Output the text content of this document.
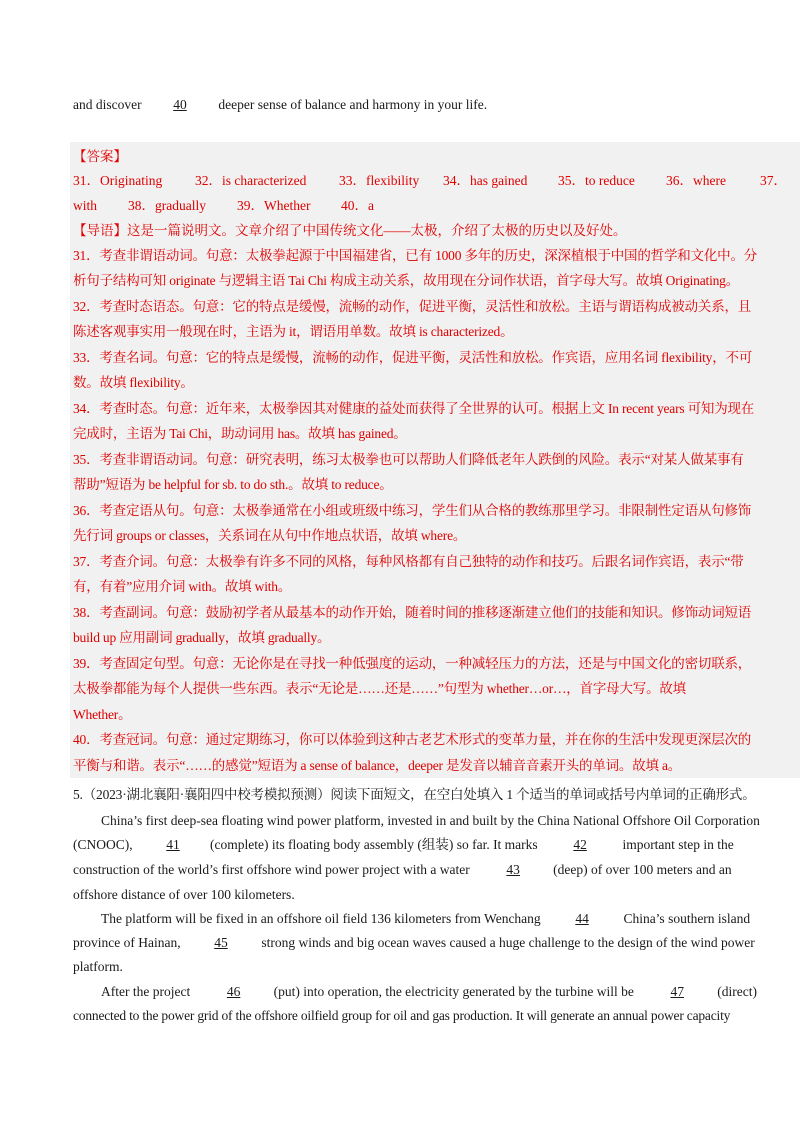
and discover 40 deeper sense of balance and harmony in your life.
【答案】
31．Originating	32．is characterized	33．flexibility	34．has gained	35．to reduce	36．where	37．
with	38．gradually	39．Whether	40．a
【导语】这是一篇说明文。文章介绍了中国传统文化——太极，介绍了太极的历史以及好处。
31．考查非谓语动词。句意：太极拳起源于中国福建省，已有 1000 多年的历史，深深植根于中国的哲学和文化中。分
析句子结构可知 originate 与逻辑主语 Tai Chi 构成主动关系，故用现在分词作状语，首字母大写。故填 Originating。
32．考查时态语态。句意：它的特点是缓慢，流畅的动作，促进平衡，灵活性和放松。主语与谓语构成被动关系，且
陈述客观事实用一般现在时，主语为 it，谓语用单数。故填 is characterized。
33．考查名词。句意：它的特点是缓慢，流畅的动作，促进平衡，灵活性和放松。作宾语，应用名词 flexibility，不可
数。故填 flexibility。
34．考查时态。句意：近年来，太极拳因其对健康的益处而获得了全世界的认可。根据上文 In recent years 可知为现在
完成时，主语为 Tai Chi，助动词用 has。故填 has gained。
35．考查非谓语动词。句意：研究表明，练习太极拳也可以帮助人们降低老年人跌倒的风险。表示“对某人做某事有
帮助”短语为 be helpful for sb. to do sth.。故填 to reduce。
36．考查定语从句。句意：太极拳通常在小组或班级中练习，学生们从合格的教练那里学习。非限制性定语从句修饰
先行词 groups or classes，关系词在从句中作地点状语，故填 where。
37．考查介词。句意：太极拳有许多不同的风格，每种风格都有自己独特的动作和技巧。后跟名词作宾语，表示“带
有，有着”应用介词 with。故填 with。
38．考查副词。句意：鼓励初学者从最基本的动作开始，随着时间的推移逐渐建立他们的技能和知识。修饰动词短语
build up 应用副词 gradually，故填 gradually。
39．考查固定句型。句意：无论你是在寻找一种低强度的运动，一种减轻压力的方法，还是与中国文化的密切联系，
太极拳都能为每个人提供一些东西。表示“无论是……还是……”句型为 whether…or…，首字母大写。故填
Whether。
40．考查冠词。句意：通过定期练习，你可以体验到这种古老艺术形式的变革力量，并在你的生活中发现更深层次的
平衡与和谐。表示“……的感觉”短语为 a sense of balance，deeper 是发音以辅音音素开头的单词。故填 a。
5.（2023·湖北襄阳·襄阳四中校考模拟预测）阅读下面短文，在空白处填入 1 个适当的单词或括号内单词的正确形式。
China’s first deep-sea floating wind power platform, invested in and built by the China National Offshore Oil Corporation
(CNOOC), 41 (complete) its floating body assembly (组装) so far. It marks 42 important step in the
construction of the world’s first offshore wind power project with a water 43 (deep) of over 100 meters and an
offshore distance of over 100 kilometers.
The platform will be fixed in an offshore oil field 136 kilometers from Wenchang 44 China’s southern island
province of Hainan, 45 strong winds and big ocean waves caused a huge challenge to the design of the wind power
platform.
After the project 46 (put) into operation, the electricity generated by the turbine will be 47 (direct)
connected to the power grid of the offshore oilfield group for oil and gas production. It will generate an annual power capacity
